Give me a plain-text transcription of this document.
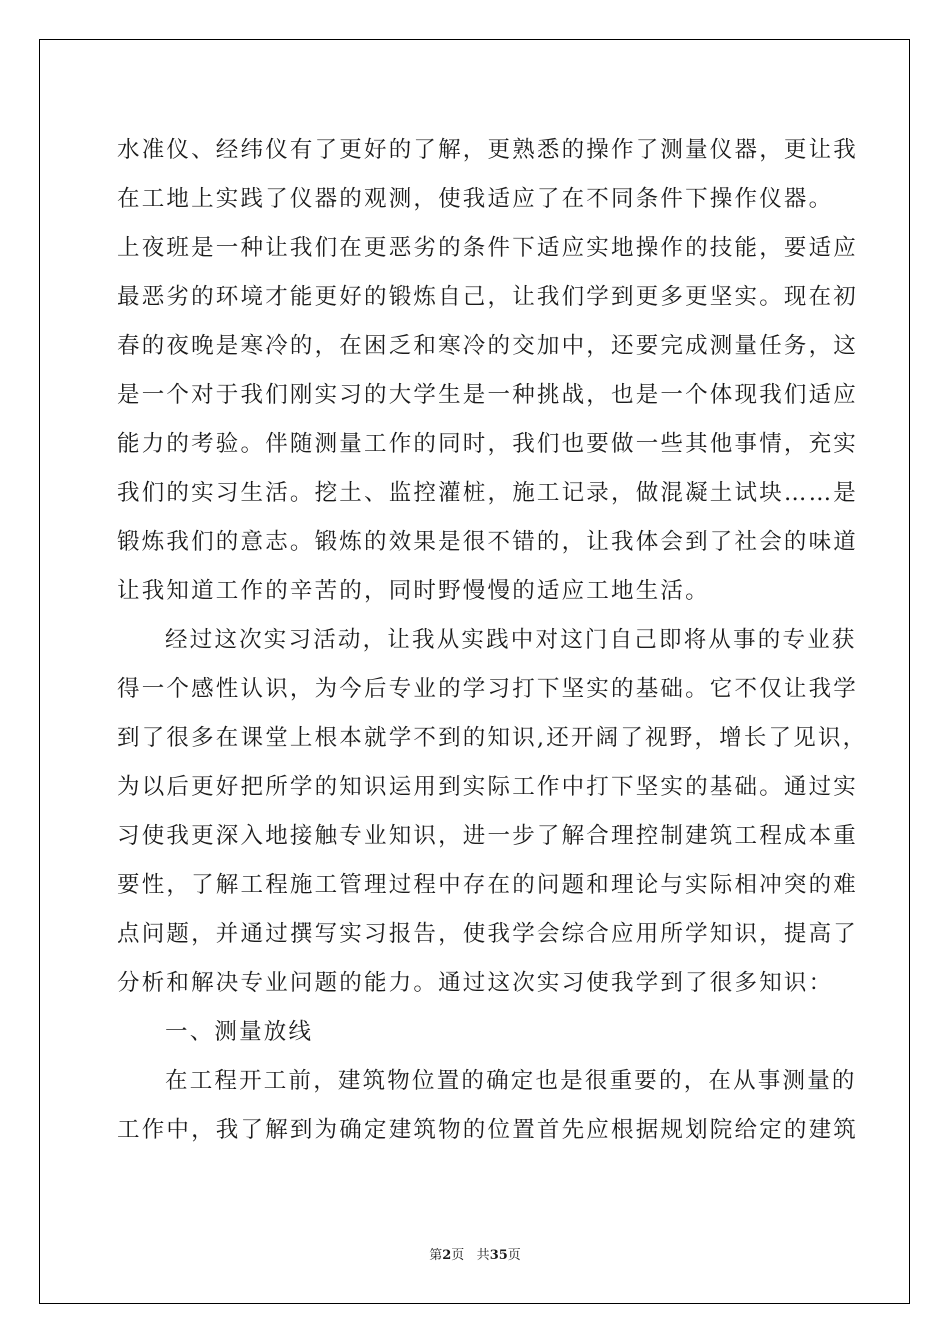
水准仪、经纬仪有了更好的了解，更熟悉的操作了测量仪器，更让我
在工地上实践了仪器的观测，使我适应了在不同条件下操作仪器。
上夜班是一种让我们在更恶劣的条件下适应实地操作的技能，要适应
最恶劣的环境才能更好的锻炼自己，让我们学到更多更坚实。现在初
春的夜晚是寒冷的，在困乏和寒冷的交加中，还要完成测量任务，这
是一个对于我们刚实习的大学生是一种挑战，也是一个体现我们适应
能力的考验。伴随测量工作的同时，我们也要做一些其他事情，充实
我们的实习生活。挖土、监控灌桩，施工记录，做混凝土试块……是
锻炼我们的意志。锻炼的效果是很不错的，让我体会到了社会的味道
让我知道工作的辛苦的，同时野慢慢的适应工地生活。
经过这次实习活动，让我从实践中对这门自己即将从事的专业获
得一个感性认识，为今后专业的学习打下坚实的基础。它不仅让我学
到了很多在课堂上根本就学不到的知识,还开阔了视野，增长了见识，
为以后更好把所学的知识运用到实际工作中打下坚实的基础。通过实
习使我更深入地接触专业知识，进一步了解合理控制建筑工程成本重
要性，了解工程施工管理过程中存在的问题和理论与实际相冲突的难
点问题，并通过撰写实习报告，使我学会综合应用所学知识，提高了
分析和解决专业问题的能力。通过这次实习使我学到了很多知识：
一、测量放线
在工程开工前，建筑物位置的确定也是很重要的，在从事测量的
工作中，我了解到为确定建筑物的位置首先应根据规划院给定的建筑
第2页 共35页
